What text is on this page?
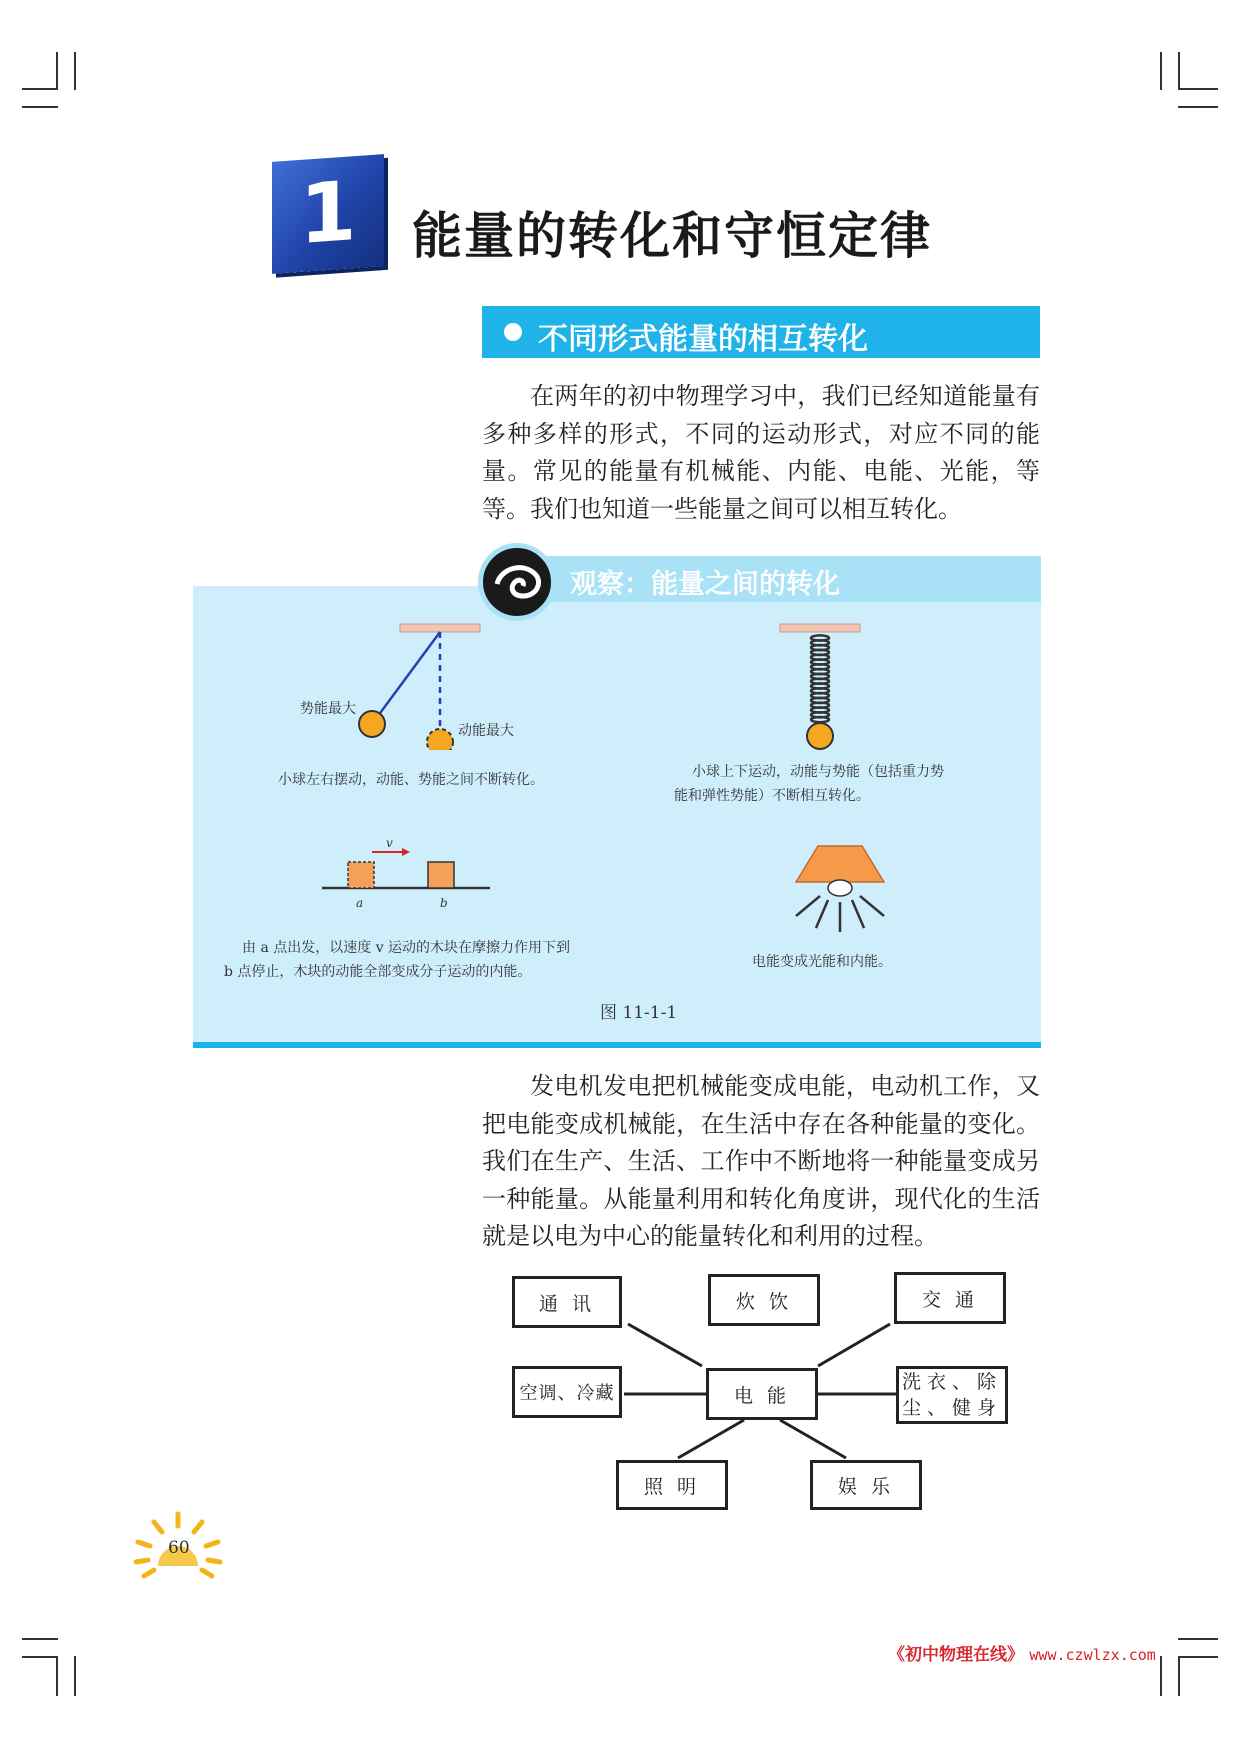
1	能量的转化和守恒定律
不同形式能量的相互转化
在两年的初中物理学习中，我们已经知道能量有多种多样的形式，不同的运动形式，对应不同的能量。常见的能量有机械能、内能、电能、光能，等等。我们也知道一些能量之间可以相互转化。
观察：能量之间的转化
势能最大
动能最大
小球左右摆动，动能、势能之间不断转化。	小球上下运动，动能与势能（包括重力势
能和弹性势能）不断相互转化。
v
a	b
由 a 点出发，以速度 v 运动的木块在摩擦力作用下到
b 点停止，木块的动能全部变成分子运动的内能。
电能变成光能和内能。
图 11-1-1
发电机发电把机械能变成电能，电动机工作，又把电能变成机械能，在生活中存在各种能量的变化。我们在生产、生活、工作中不断地将一种能量变成另一种能量。从能量利用和转化角度讲，现代化的生活就是以电为中心的能量转化和利用的过程。
通 讯	炊 饮	交 通
空调、冷藏	电 能
洗衣、除
尘、健身
照 明	娱 乐
60
《初中物理在线》 www.czwlzx.com
